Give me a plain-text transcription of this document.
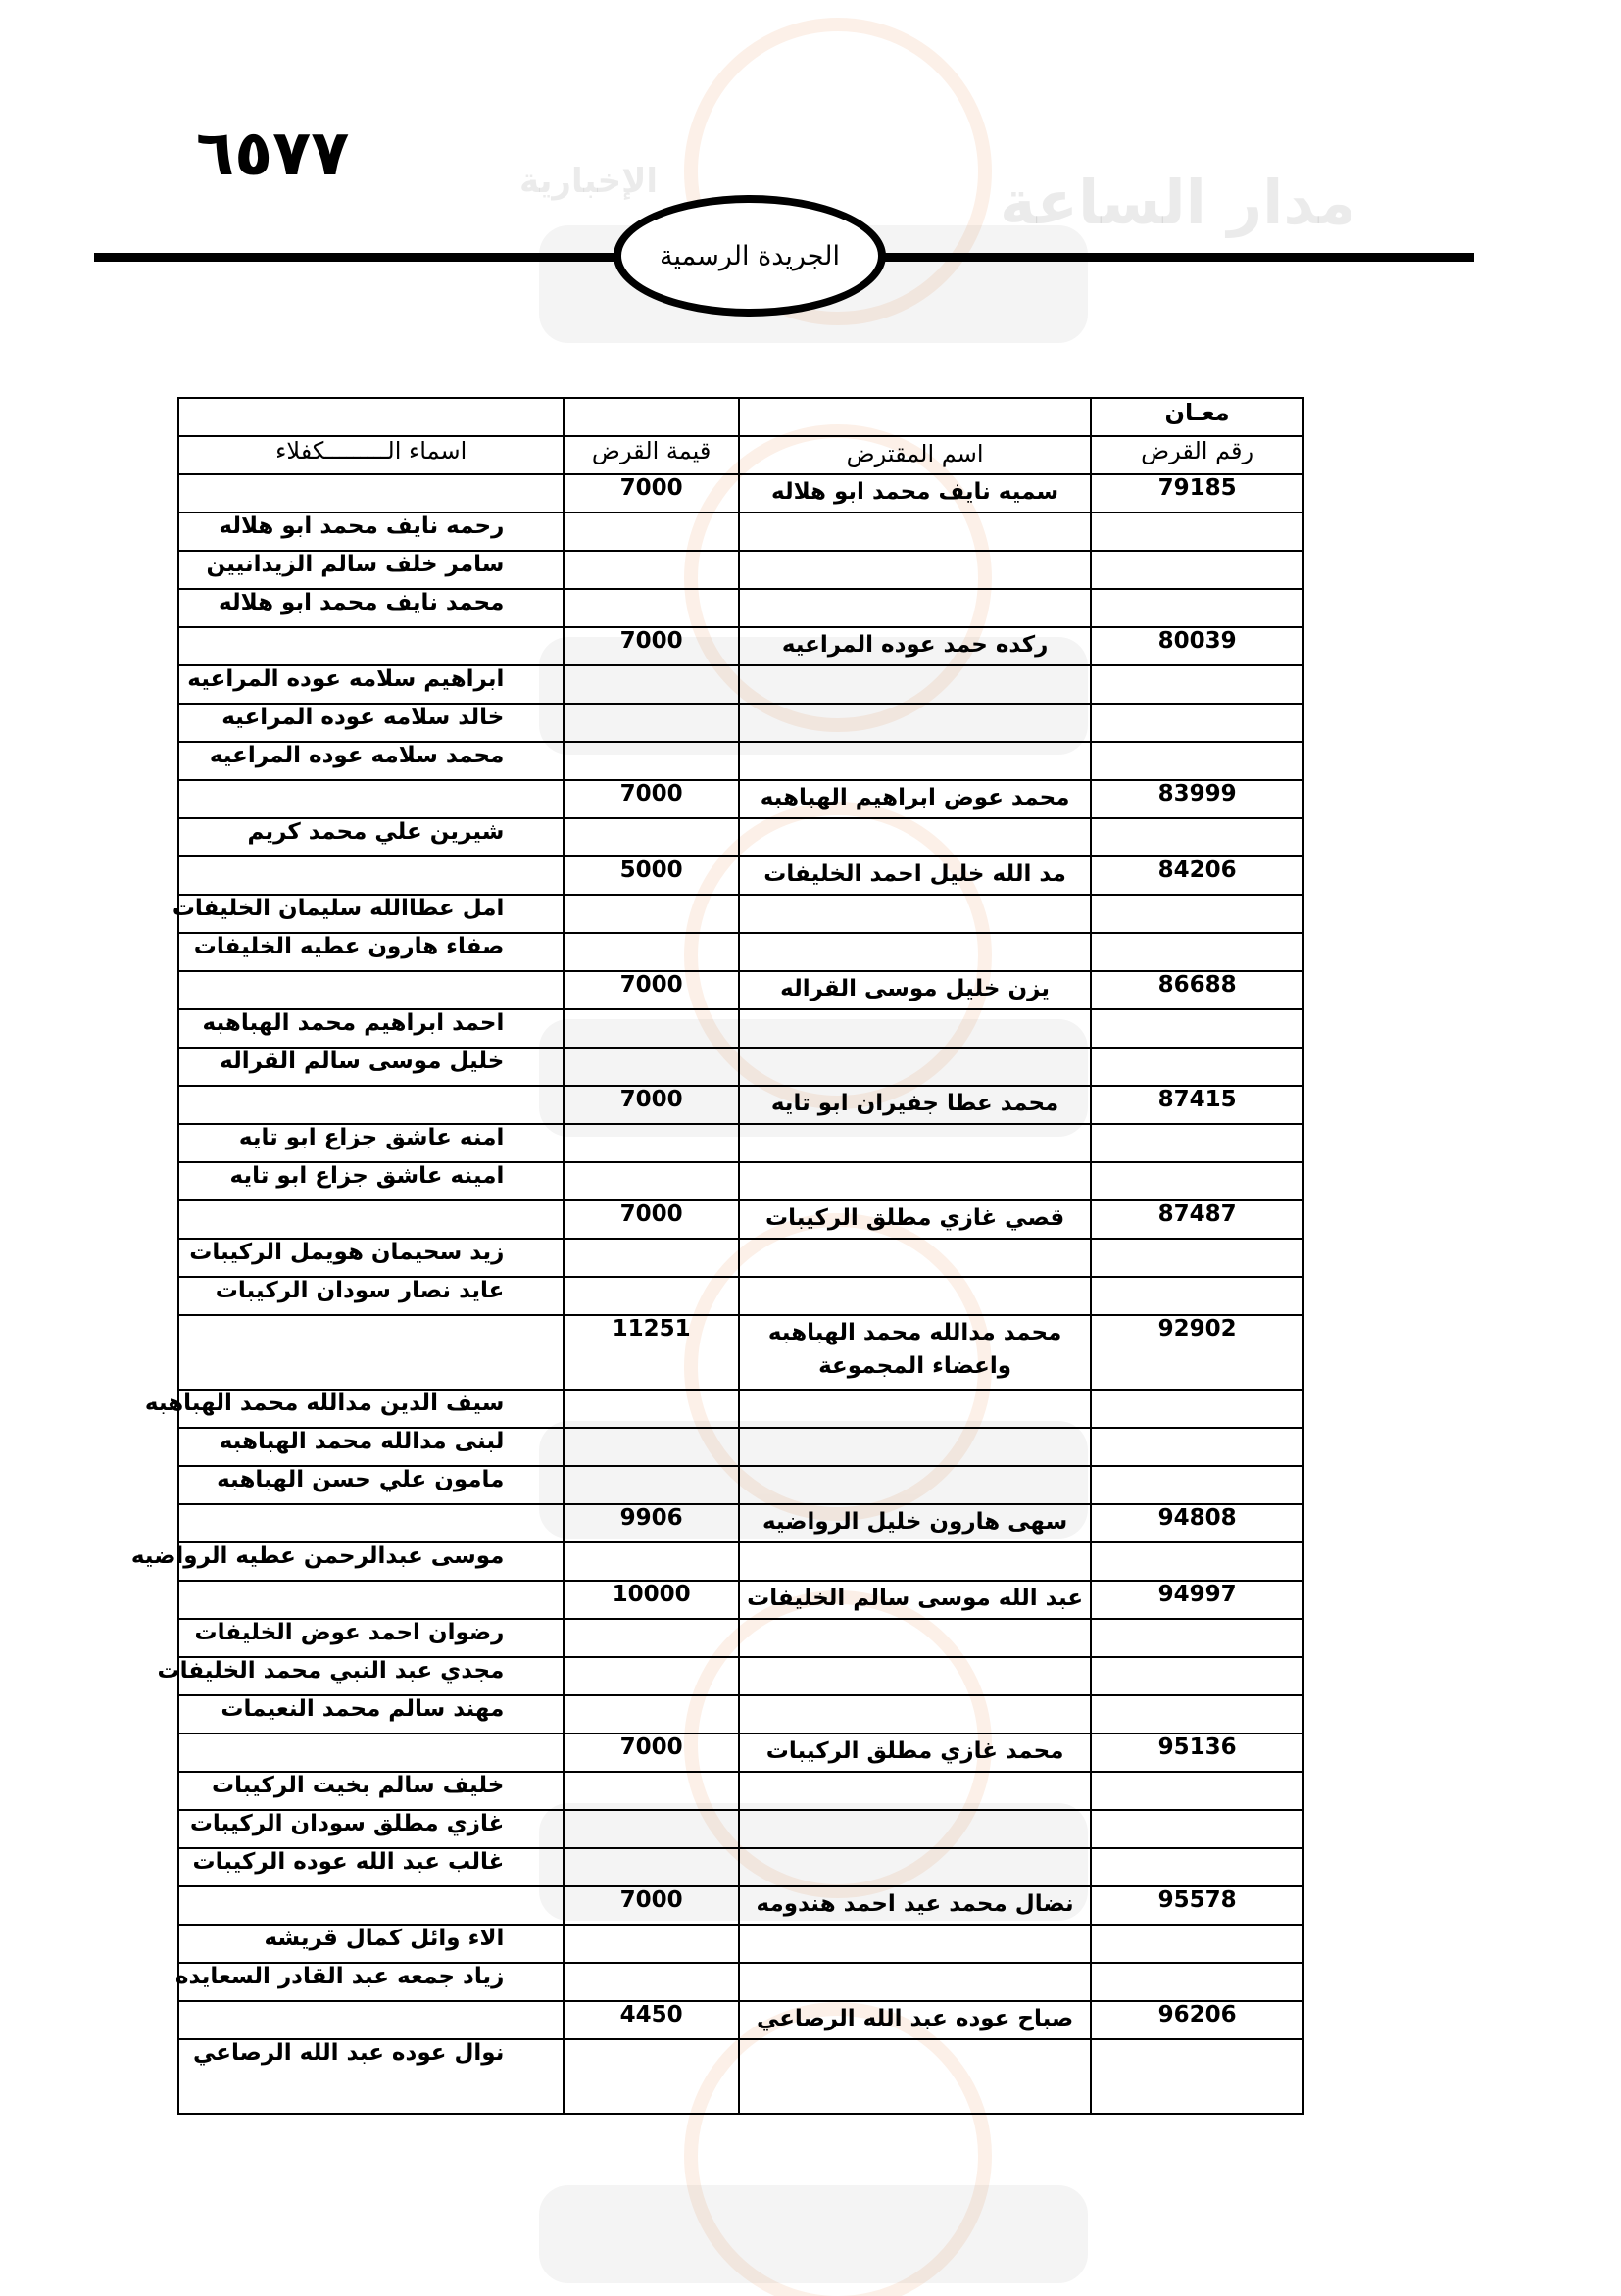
مدار الساعة
الإخبارية
٦٥٧٧
الجريدة الرسمية
			معـان
اسماء الـــــــــكفلاء	قيمة القرض	اسم المقترض	رقم القرض
	7000	سميه نايف محمد ابو هلاله	79185
رحمه نايف محمد ابو هلاله			
سامر خلف سالم الزيدانيين			
محمد نايف محمد ابو هلاله			
	7000	ركده حمد عوده المراعيه	80039
ابراهيم سلامه عوده المراعيه			
خالد سلامه عوده المراعيه			
محمد سلامه عوده المراعيه			
	7000	محمد عوض ابراهيم الهباهبه	83999
شيرين علي محمد كريم			
	5000	مد الله خليل احمد الخليفات	84206
امل عطاالله سليمان الخليفات			
صفاء هارون عطيه الخليفات			
	7000	يزن خليل موسى القراله	86688
احمد ابراهيم محمد الهباهبه			
خليل موسى سالم القراله			
	7000	محمد عطا جفيران ابو تايه	87415
امنه عاشق جزاع ابو تايه			
امينه عاشق جزاع ابو تايه			
	7000	قصي غازي مطلق الركيبات	87487
زيد سحيمان هويمل الركيبات			
عايد نصار سودان الركيبات			
	11251	محمد مدالله محمد الهباهبه واعضاء المجموعة	92902
سيف الدين مدالله محمد الهباهبه			
لبنى مدالله محمد الهباهبه			
مامون علي حسن الهباهبه			
	9906	سهى هارون خليل الرواضيه	94808
موسى عبدالرحمن عطيه الرواضيه			
	10000	عبد الله موسى سالم الخليفات	94997
رضوان احمد عوض الخليفات			
مجدي عبد النبي محمد الخليفات			
مهند سالم محمد النعيمات			
	7000	محمد غازي مطلق الركيبات	95136
خليف سالم بخيت الركيبات			
غازي مطلق سودان الركيبات			
غالب عبد الله عوده الركيبات			
	7000	نضال محمد عيد احمد هندومه	95578
الاء وائل كمال قريشه			
زياد جمعه عبد القادر السعايده			
	4450	صباح عوده عبد الله الرصاعي	96206
نوال عوده عبد الله الرصاعي			
